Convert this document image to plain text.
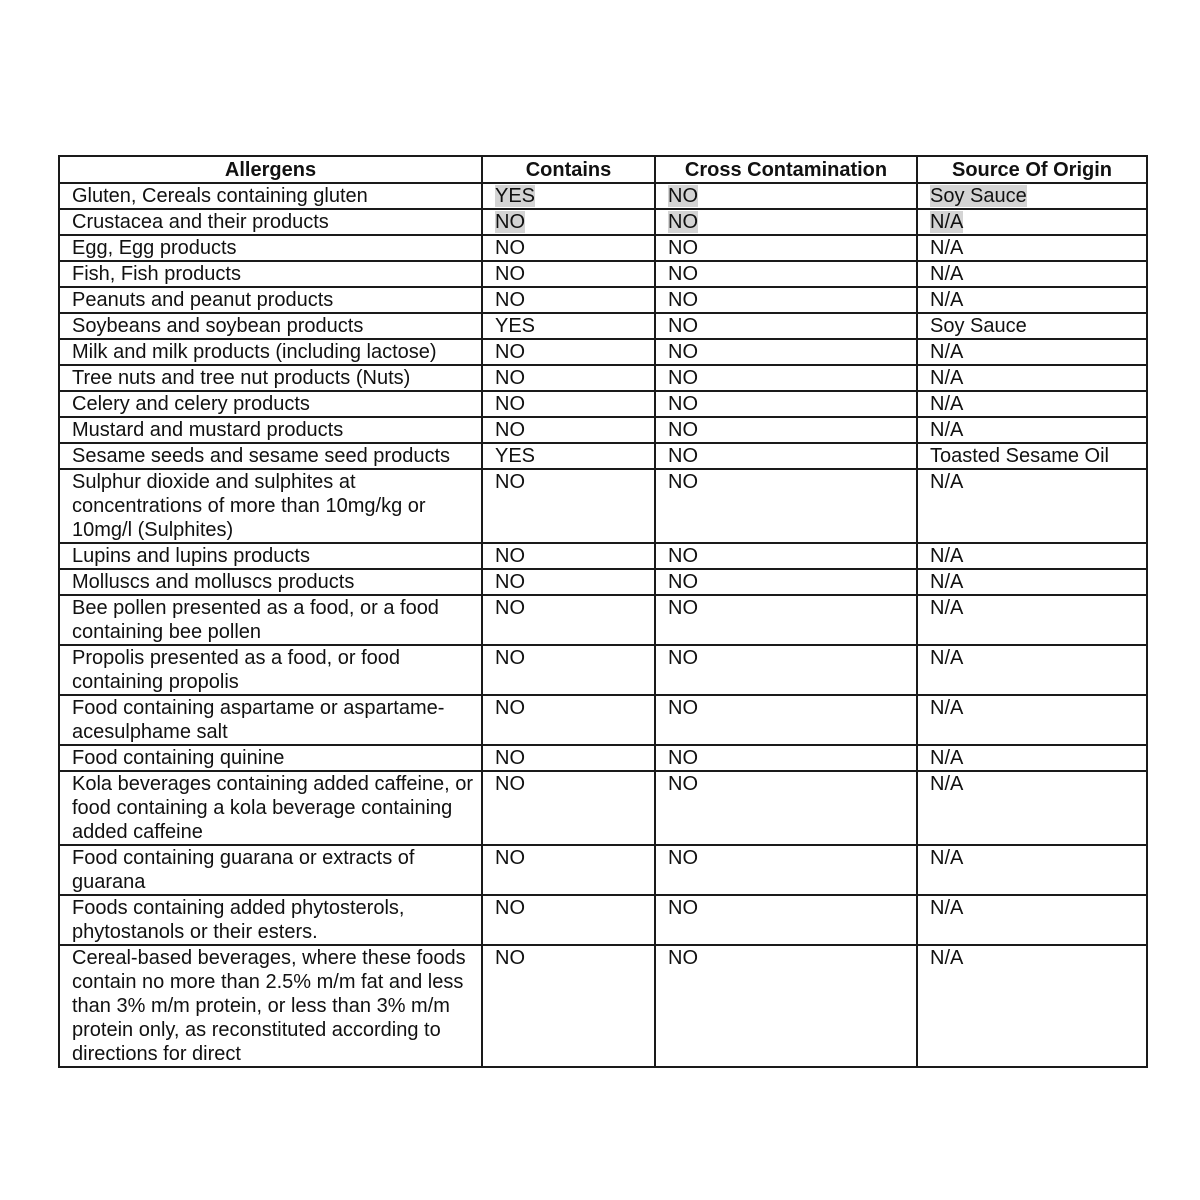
Allergens	Contains	Cross Contamination	Source Of Origin
Gluten, Cereals containing gluten	YES	NO	Soy Sauce
Crustacea and their products	NO	NO	N/A
Egg, Egg products	NO	NO	N/A
Fish, Fish products	NO	NO	N/A
Peanuts and peanut products	NO	NO	N/A
Soybeans and soybean products	YES	NO	Soy Sauce
Milk and milk products (including lactose)	NO	NO	N/A
Tree nuts and tree nut products (Nuts)	NO	NO	N/A
Celery and celery products	NO	NO	N/A
Mustard and mustard products	NO	NO	N/A
Sesame seeds and sesame seed products	YES	NO	Toasted Sesame Oil
Sulphur dioxide and sulphites at concentrations of more than 10mg/kg or 10mg/l (Sulphites)	NO	NO	N/A
Lupins and lupins products	NO	NO	N/A
Molluscs and molluscs products	NO	NO	N/A
Bee pollen presented as a food, or a food containing bee pollen	NO	NO	N/A
Propolis presented as a food, or food containing propolis	NO	NO	N/A
Food containing aspartame or aspartame-acesulphame salt	NO	NO	N/A
Food containing quinine	NO	NO	N/A
Kola beverages containing added caffeine, or food containing a kola beverage containing added caffeine	NO	NO	N/A
Food containing guarana or extracts of guarana	NO	NO	N/A
Foods containing added phytosterols, phytostanols or their esters.	NO	NO	N/A
Cereal-based beverages, where these foods contain no more than 2.5% m/m fat and less than 3% m/m protein, or less than 3% m/m protein only, as reconstituted according to directions for direct	NO	NO	N/A
